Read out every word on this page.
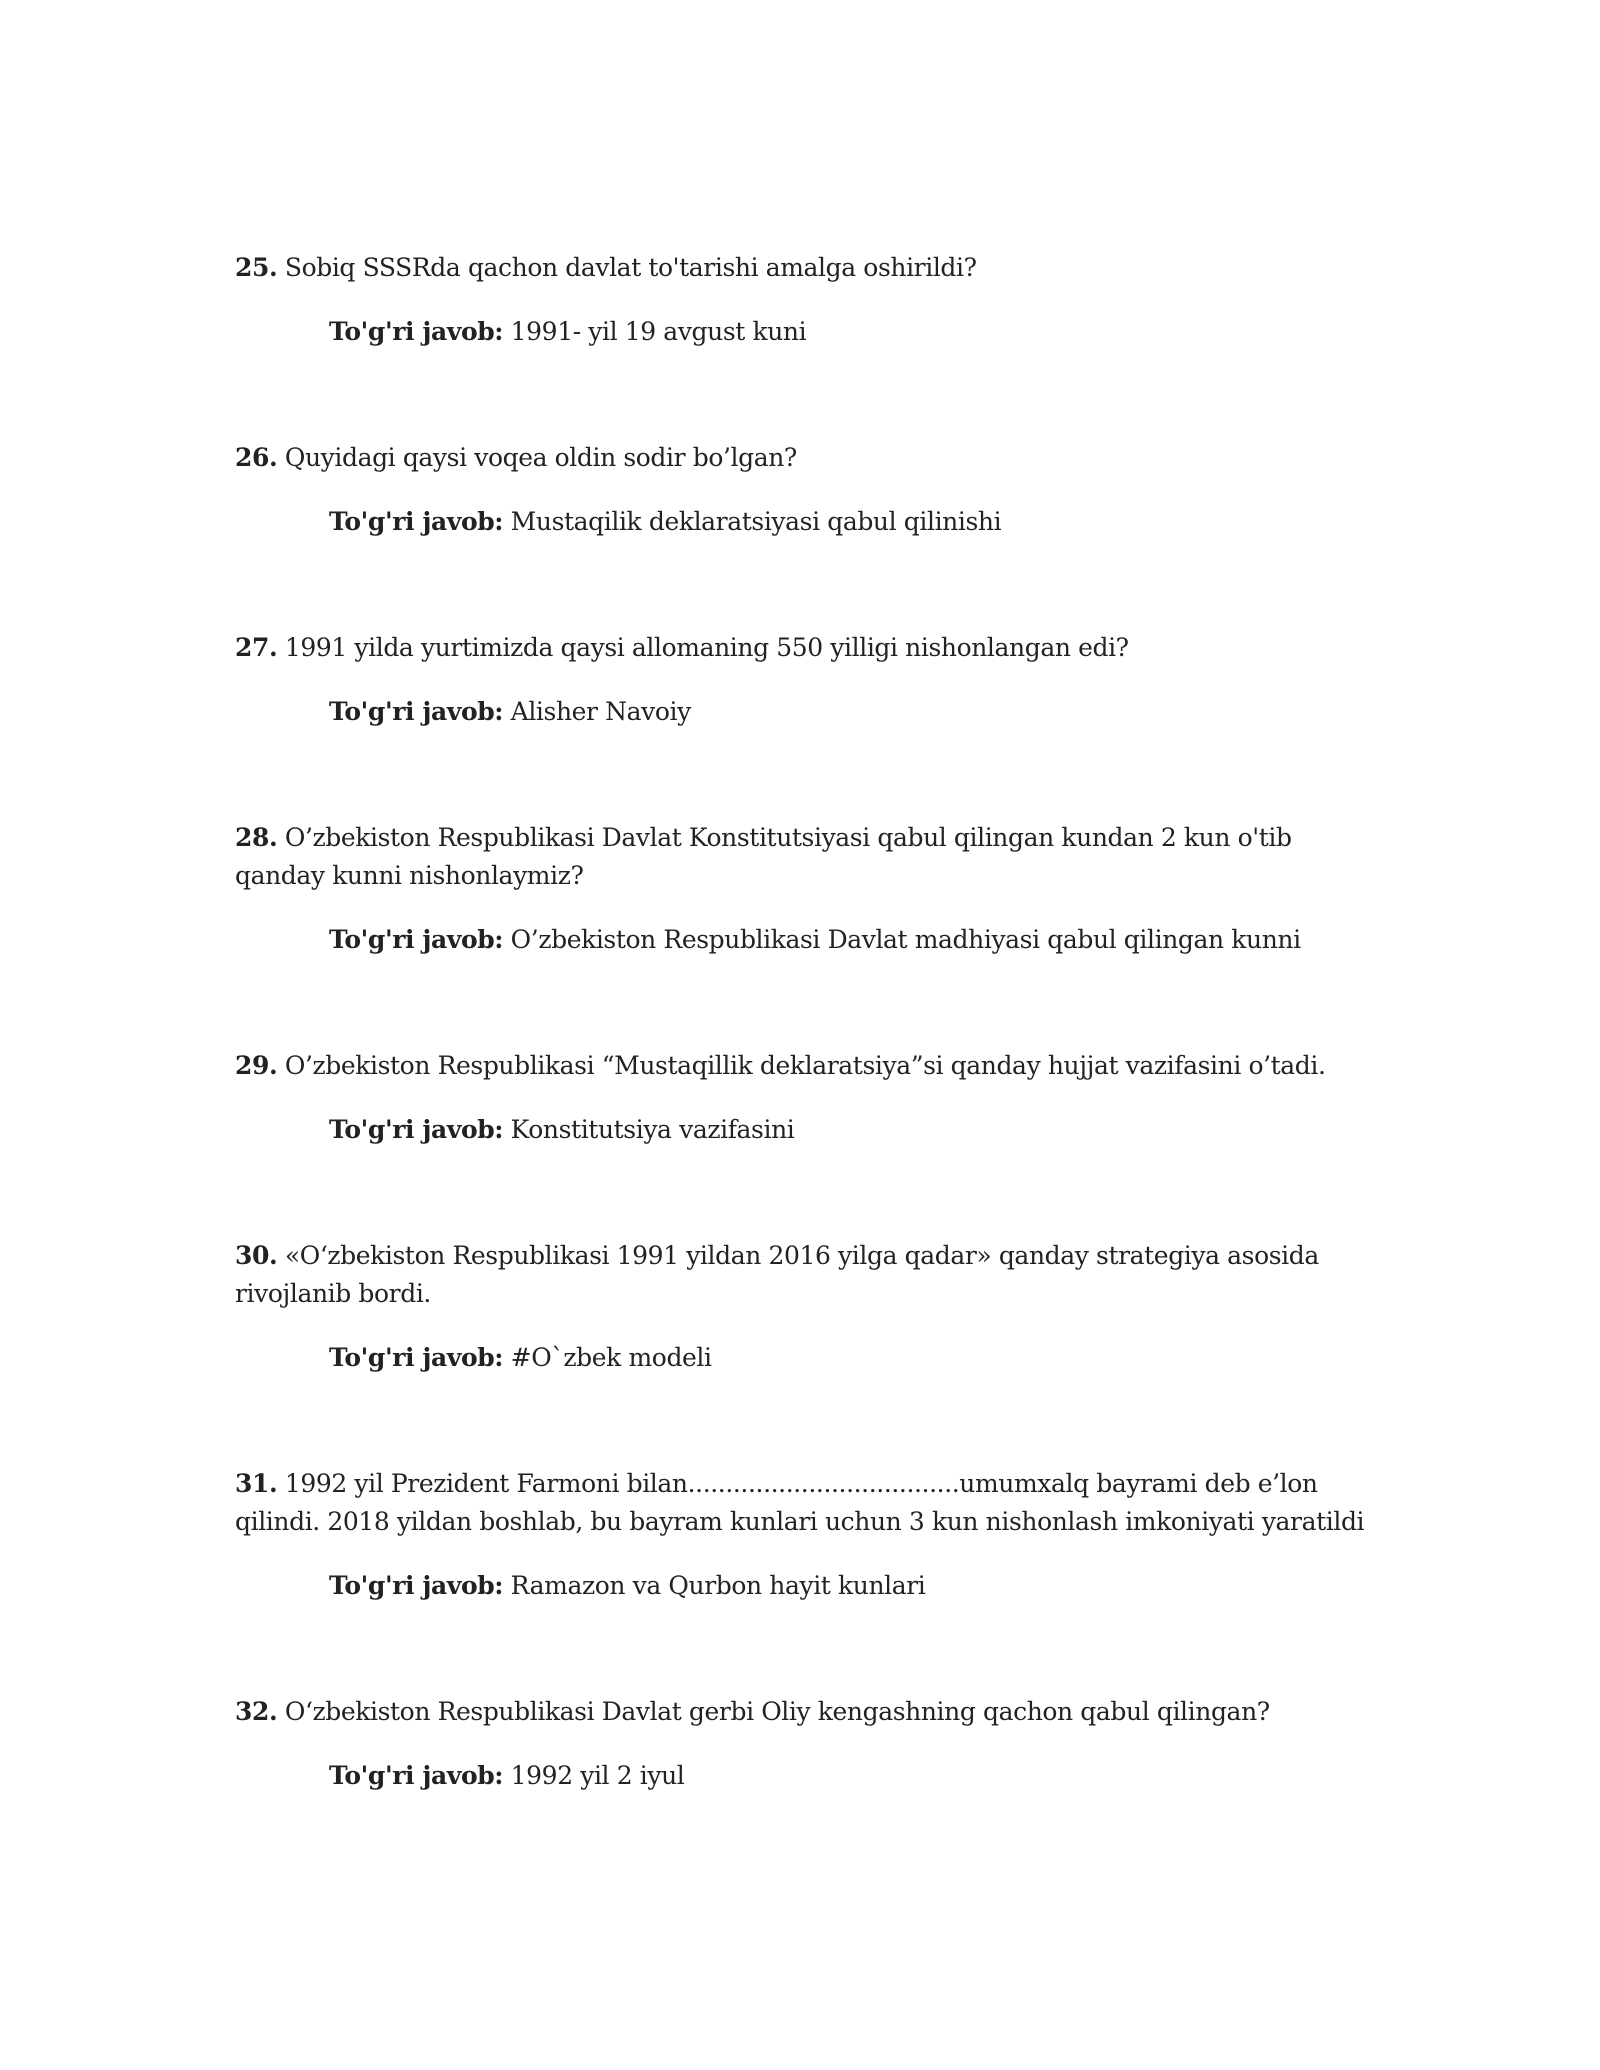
25. Sobiq SSSRda qachon davlat to'tarishi amalga oshirildi?

To'g'ri javob: 1991- yil 19 avgust kuni

26. Quyidagi qaysi voqea oldin sodir bo’lgan?

To'g'ri javob: Mustaqilik deklaratsiyasi qabul qilinishi

27. 1991 yilda yurtimizda qaysi allomaning 550 yilligi nishonlangan edi?

To'g'ri javob: Alisher Navoiy

28. O’zbekiston Respublikasi Davlat Konstitutsiyasi qabul qilingan kundan 2 kun o'tib qanday kunni nishonlaymiz?

To'g'ri javob: O’zbekiston Respublikasi Davlat madhiyasi qabul qilingan kunni

29. O’zbekiston Respublikasi “Mustaqillik deklaratsiya”si qanday hujjat vazifasini o’tadi.

To'g'ri javob: Konstitutsiya vazifasini

30. «O‘zbekiston Respublikasi 1991 yildan 2016 yilga qadar» qanday strategiya asosida rivojlanib bordi.

To'g'ri javob: #O`zbek modeli

31. 1992 yil Prezident Farmoni bilan....................................umumxalq bayrami deb e’lon qilindi. 2018 yildan boshlab, bu bayram kunlari uchun 3 kun nishonlash imkoniyati yaratildi

To'g'ri javob: Ramazon va Qurbon hayit kunlari

32. O‘zbekiston Respublikasi Davlat gerbi Oliy kengashning qachon qabul qilingan?

To'g'ri javob: 1992 yil 2 iyul
